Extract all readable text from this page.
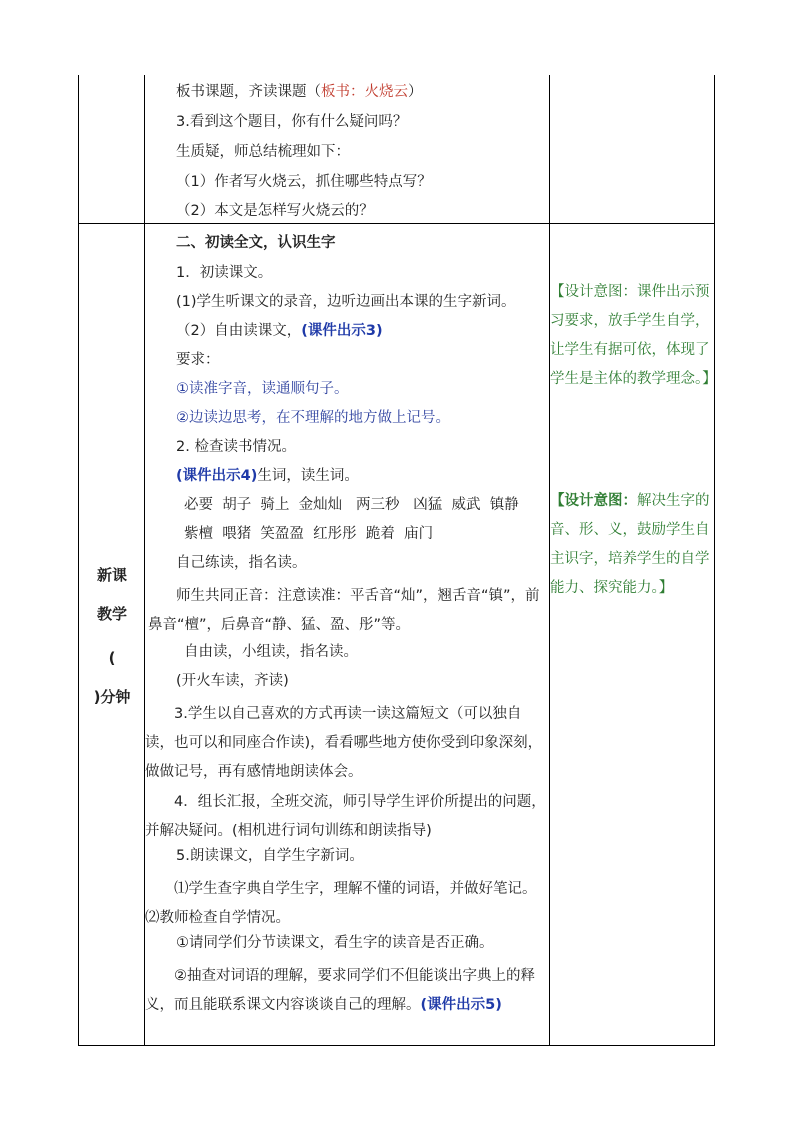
板书课题，齐读课题（板书：火烧云）
3.看到这个题目，你有什么疑问吗？
生质疑，师总结梳理如下：
（1）作者写火烧云，抓住哪些特点写？
（2）本文是怎样写火烧云的？
新课
教学
(
)分钟
二、初读全文，认识生字
1．初读课文。
(1)学生听课文的录音，边听边画出本课的生字新词。
（2）自由读课文，(课件出示3)
要求：
①读准字音，读通顺句子。
②边读边思考，在不理解的地方做上记号。
2. 检查读书情况。
(课件出示4)生词，读生词。
必要  胡子  骑上  金灿灿   两三秒   凶猛  威武  镇静
紫檀  喂猪  笑盈盈  红彤彤  跪着  庙门
自己练读，指名读。
师生共同正音：注意读准：平舌音“灿”，翘舌音“镇”，前鼻音“檀”，后鼻音“静、猛、盈、彤”等。
自由读，小组读，指名读。
(开火车读，齐读)
3.学生以自己喜欢的方式再读一读这篇短文（可以独自读，也可以和同座合作读)，看看哪些地方使你受到印象深刻，做做记号，再有感情地朗读体会。
4．组长汇报，全班交流，师引导学生评价所提出的问题，并解决疑问。(相机进行词句训练和朗读指导)
5.朗读课文，自学生字新词。
⑴学生查字典自学生字，理解不懂的词语，并做好笔记。⑵教师检查自学情况。
①请同学们分节读课文，看生字的读音是否正确。
②抽查对词语的理解，要求同学们不但能谈出字典上的释义，而且能联系课文内容谈谈自己的理解。(课件出示5)
【设计意图：课件出示预习要求，放手学生自学，让学生有据可依，体现了学生是主体的教学理念。】
【设计意图：解决生字的音、形、义，鼓励学生自主识字，培养学生的自学能力、探究能力。】
